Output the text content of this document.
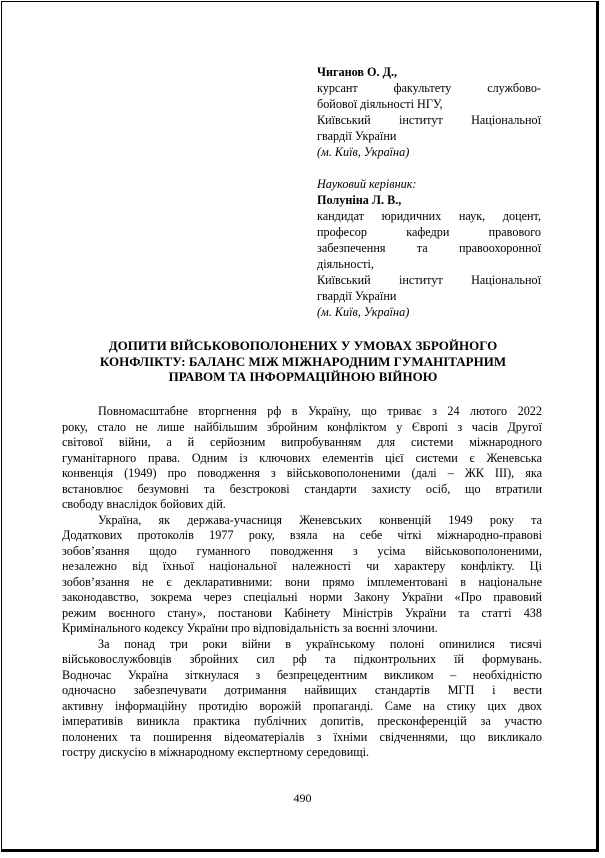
Чиганов О. Д.,
курсант факультету службово-
бойової діяльності НГУ,
Київський інститут Національної
гвардії України
(м. Київ, Україна)
Науковий керівник:
Полуніна Л. В.,
кандидат юридичних наук, доцент,
професор кафедри правового
забезпечення та правоохоронної
діяльності,
Київський інститут Національної
гвардії України
(м. Київ, Україна)
ДОПИТИ ВІЙСЬКОВОПОЛОНЕНИХ У УМОВАХ ЗБРОЙНОГО
КОНФЛІКТУ: БАЛАНС МІЖ МІЖНАРОДНИМ ГУМАНІТАРНИМ
ПРАВОМ ТА ІНФОРМАЦІЙНОЮ ВІЙНОЮ
Повномасштабне вторгнення рф в Україну, що триває з 24 лютого 2022
року, стало не лише найбільшим збройним конфліктом у Європі з часів Другої
світової війни, а й серйозним випробуванням для системи міжнародного
гуманітарного права. Одним із ключових елементів цієї системи є Женевська
конвенція (1949) про поводження з військовополоненими (далі – ЖК III), яка
встановлює безумовні та безстрокові стандарти захисту осіб, що втратили
свободу внаслідок бойових дій.
Україна, як держава-учасниця Женевських конвенцій 1949 року та
Додаткових протоколів 1977 року, взяла на себе чіткі міжнародно-правові
зобов’язання щодо гуманного поводження з усіма військовополоненими,
незалежно від їхньої національної належності чи характеру конфлікту. Ці
зобов’язання не є декларативними: вони прямо імплементовані в національне
законодавство, зокрема через спеціальні норми Закону України «Про правовий
режим воєнного стану», постанови Кабінету Міністрів України та статті 438
Кримінального кодексу України про відповідальність за воєнні злочини.
За понад три роки війни в українському полоні опинилися тисячі
військовослужбовців збройних сил рф та підконтрольних їй формувань.
Водночас Україна зіткнулася з безпрецедентним викликом – необхідністю
одночасно забезпечувати дотримання найвищих стандартів МГП і вести
активну інформаційну протидію ворожій пропаганді. Саме на стику цих двох
імперативів виникла практика публічних допитів, пресконференцій за участю
полонених та поширення відеоматеріалів з їхніми свідченнями, що викликало
гостру дискусію в міжнародному експертному середовищі.
490
